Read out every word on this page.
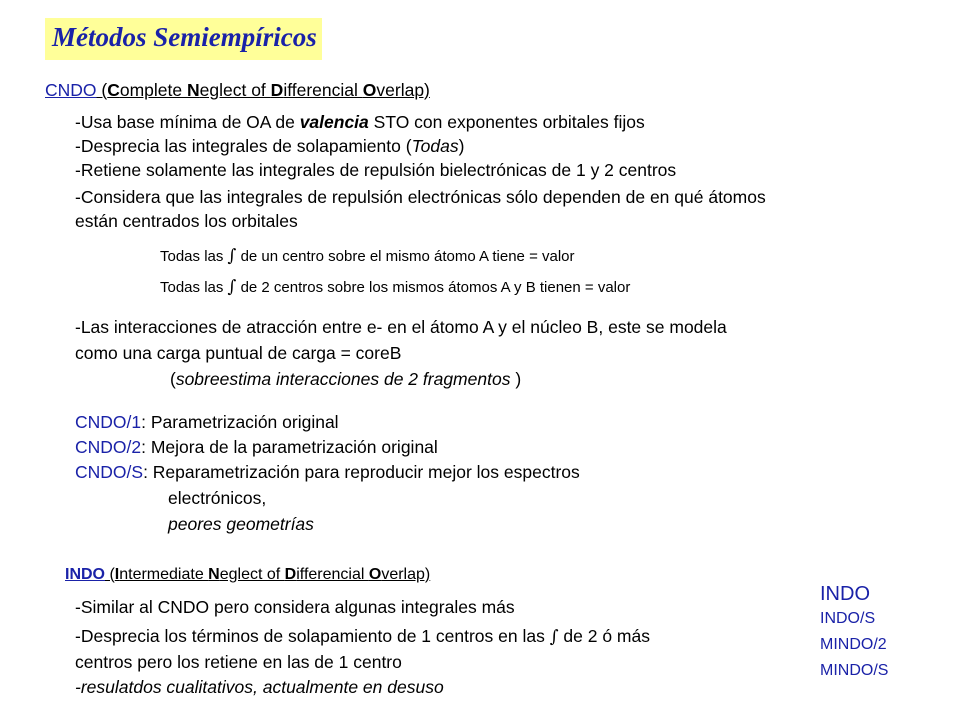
Métodos Semiempíricos
CNDO (Complete Neglect of Differencial Overlap)
-Usa base mínima de OA de valencia STO con exponentes orbitales fijos
-Desprecia las integrales de solapamiento (Todas)
-Retiene solamente las integrales de repulsión bielectrónicas de 1 y 2 centros
-Considera que las integrales de repulsión electrónicas sólo dependen de en qué átomos
están centrados los orbitales
Todas las ∫ de un centro sobre el mismo átomo A tiene = valor
Todas las ∫ de 2 centros sobre los mismos átomos A y B tienen = valor
-Las interacciones de atracción entre e- en el átomo A y el núcleo B, este se modela
como una carga puntual de carga = coreB
(sobreestima interacciones de 2 fragmentos )
CNDO/1: Parametrización original
CNDO/2: Mejora de la parametrización original
CNDO/S: Reparametrización para reproducir mejor los espectros
electrónicos,
peores geometrías
INDO (Intermediate Neglect of Differencial Overlap)
-Similar al CNDO pero considera algunas integrales más
-Desprecia los términos de solapamiento de 1 centros en las ∫ de 2 ó más
centros pero los retiene en las de 1 centro
-resulatdos cualitativos, actualmente en desuso
INDO
INDO/S
MINDO/2
MINDO/S
